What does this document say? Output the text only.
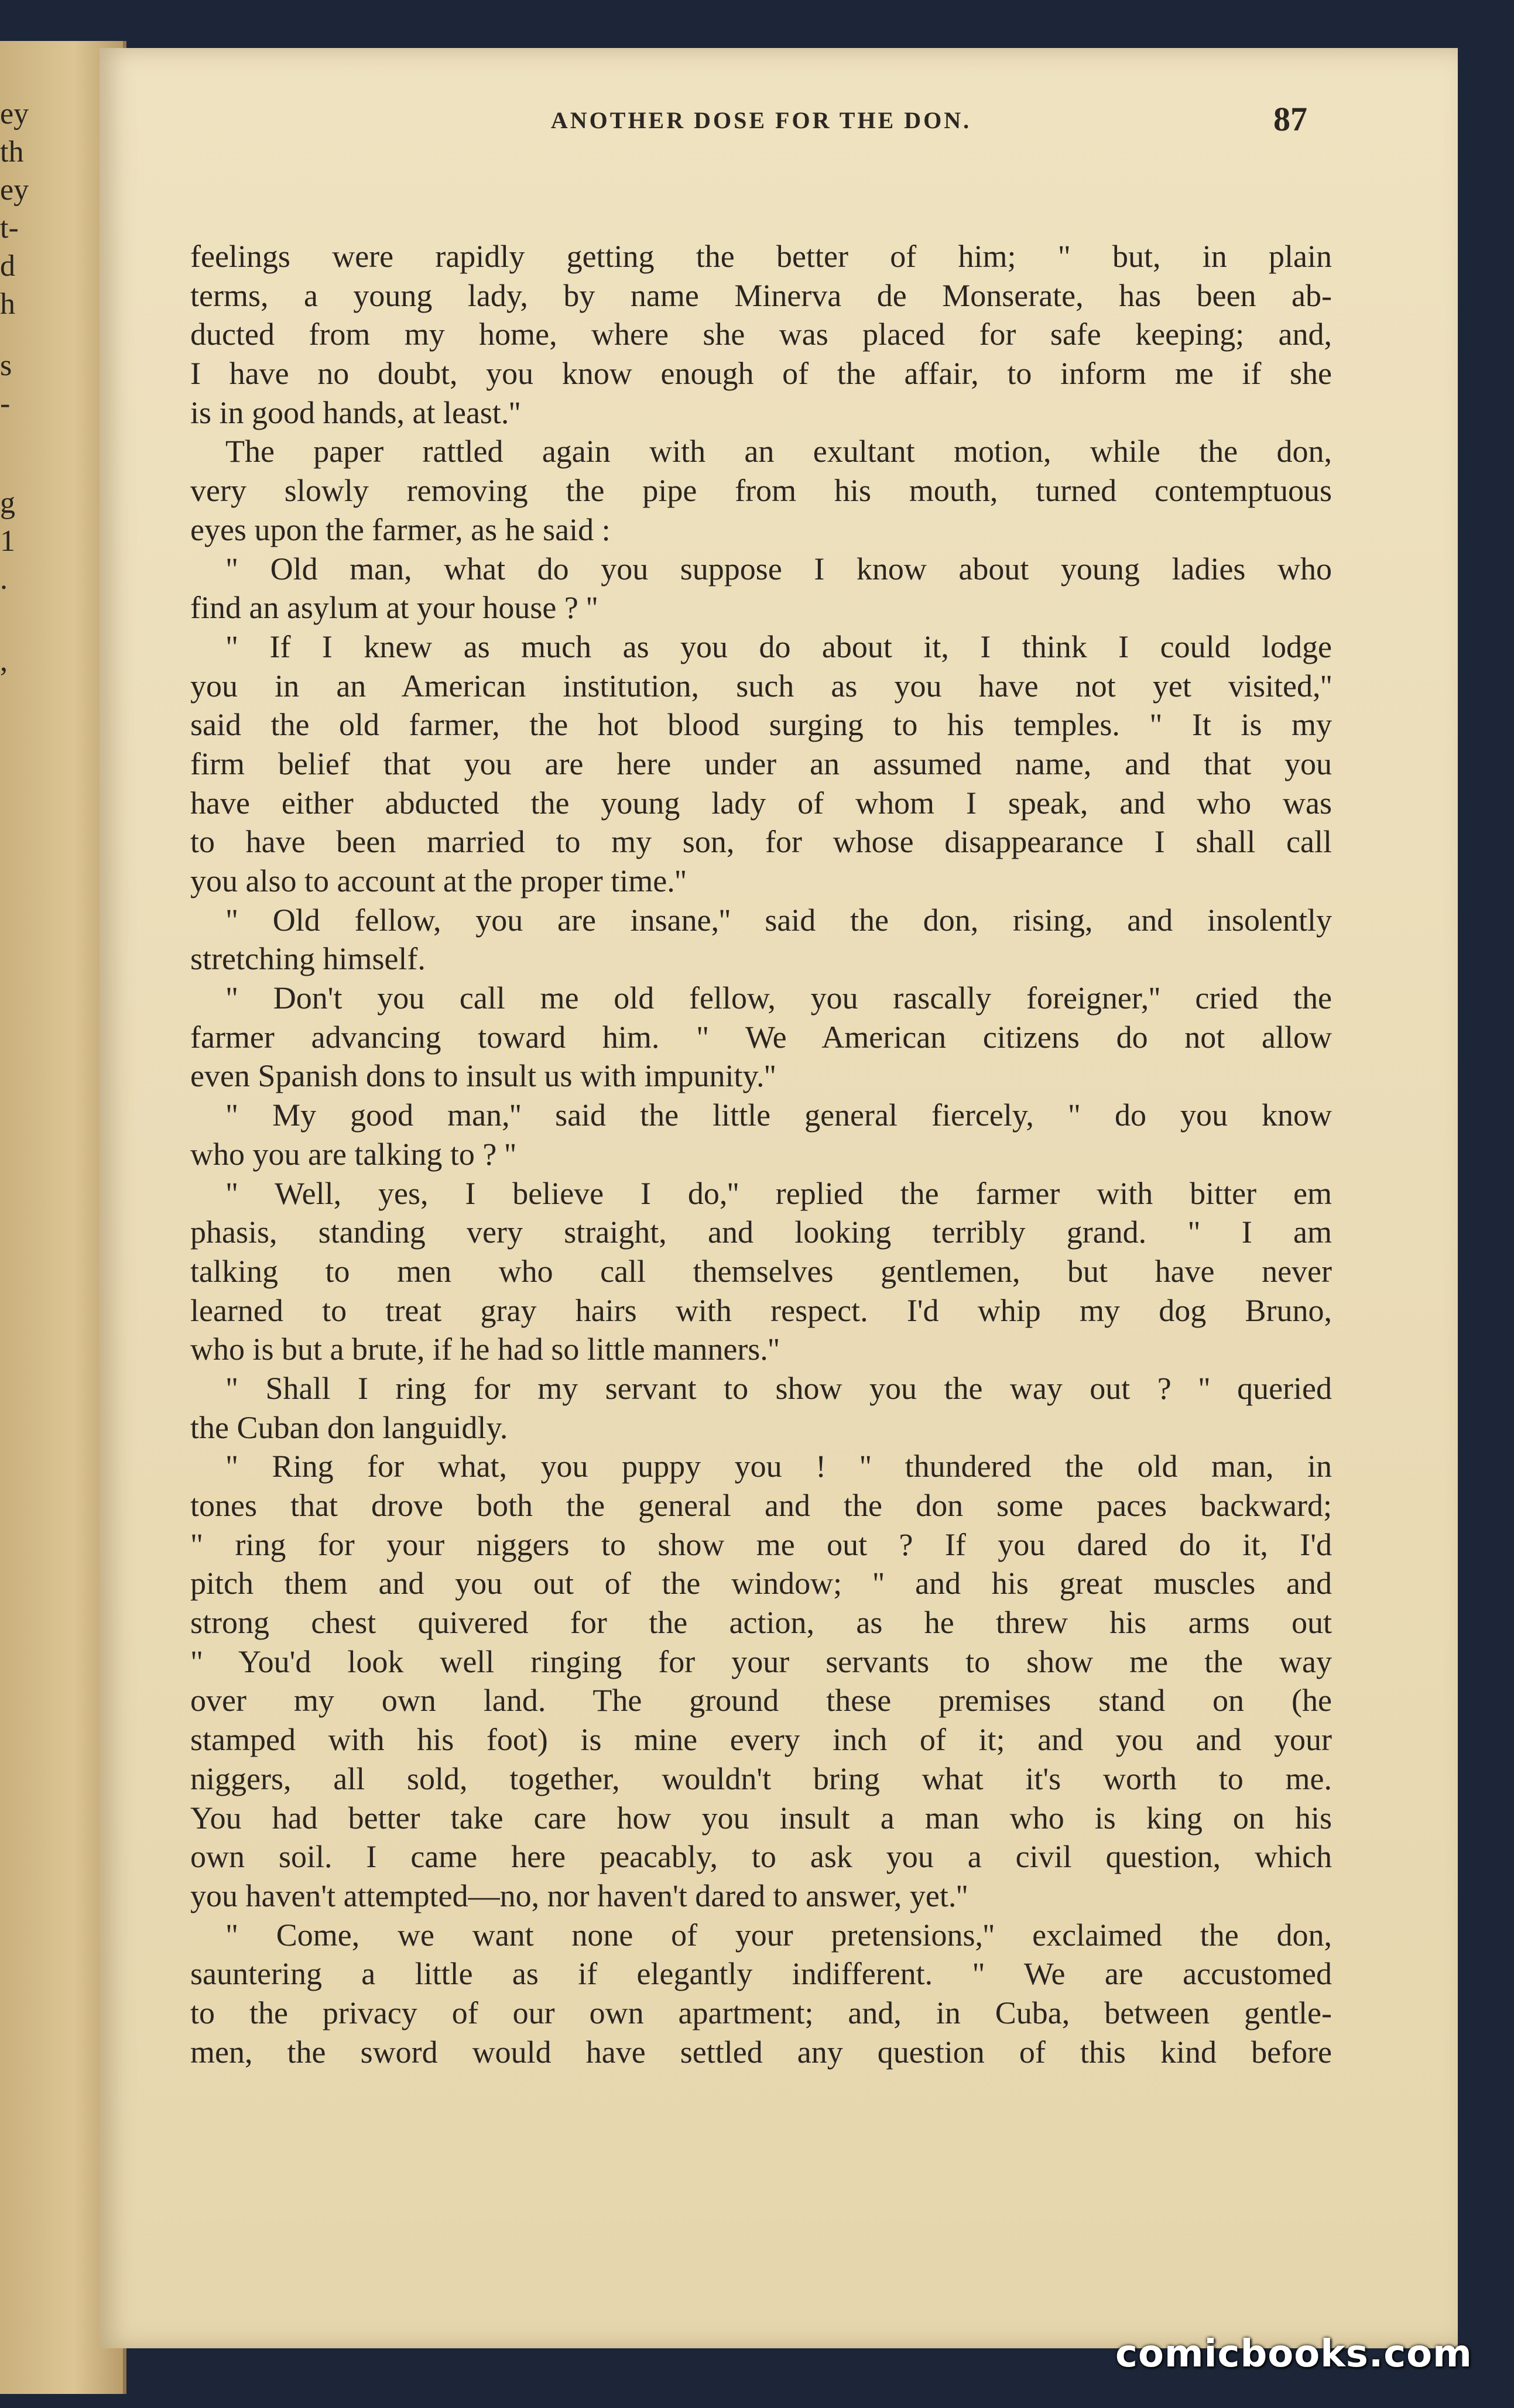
ey
th
ey
t-
d
h
s
-
g
1
.
,
ANOTHER DOSE FOR THE DON.	87
feelings were rapidly getting the better of him; " but, in plain
terms, a young lady, by name Minerva de Monserate, has been ab-
ducted from my home, where she was placed for safe keeping; and,
I have no doubt, you know enough of the affair, to inform me if she
is in good hands, at least.''
The paper rattled again with an exultant motion, while the don,
very slowly removing the pipe from his mouth, turned contemptuous
eyes upon the farmer, as he said :
" Old man, what do you suppose I know about young ladies who
find an asylum at your house ? ''
" If I knew as much as you do about it, I think I could lodge
you in an American institution, such as you have not yet visited,''
said the old farmer, the hot blood surging to his temples. " It is my
firm belief that you are here under an assumed name, and that you
have either abducted the young lady of whom I speak, and who was
to have been married to my son, for whose disappearance I shall call
you also to account at the proper time.''
" Old fellow, you are insane,'' said the don, rising, and insolently
stretching himself.
" Don't you call me old fellow, you rascally foreigner,'' cried the
farmer advancing toward him. " We American citizens do not allow
even Spanish dons to insult us with impunity.''
" My good man,'' said the little general fiercely, " do you know
who you are talking to ? ''
" Well, yes, I believe I do,'' replied the farmer with bitter em
phasis, standing very straight, and looking terribly grand. " I am
talking to men who call themselves gentlemen, but have never
learned to treat gray hairs with respect. I'd whip my dog Bruno,
who is but a brute, if he had so little manners.''
" Shall I ring for my servant to show you the way out ? '' queried
the Cuban don languidly.
" Ring for what, you puppy you ! '' thundered the old man, in
tones that drove both the general and the don some paces backward;
" ring for your niggers to show me out ? If you dared do it, I'd
pitch them and you out of the window; '' and his great muscles and
strong chest quivered for the action, as he threw his arms out
" You'd look well ringing for your servants to show me the way
over my own land. The ground these premises stand on (he
stamped with his foot) is mine every inch of it; and you and your
niggers, all sold, together, wouldn't bring what it's worth to me.
You had better take care how you insult a man who is king on his
own soil. I came here peacably, to ask you a civil question, which
you haven't attempted—no, nor haven't dared to answer, yet.''
" Come, we want none of your pretensions,'' exclaimed the don,
sauntering a little as if elegantly indifferent. " We are accustomed
to the privacy of our own apartment; and, in Cuba, between gentle-
men, the sword would have settled any question of this kind before
comicbooks.com
